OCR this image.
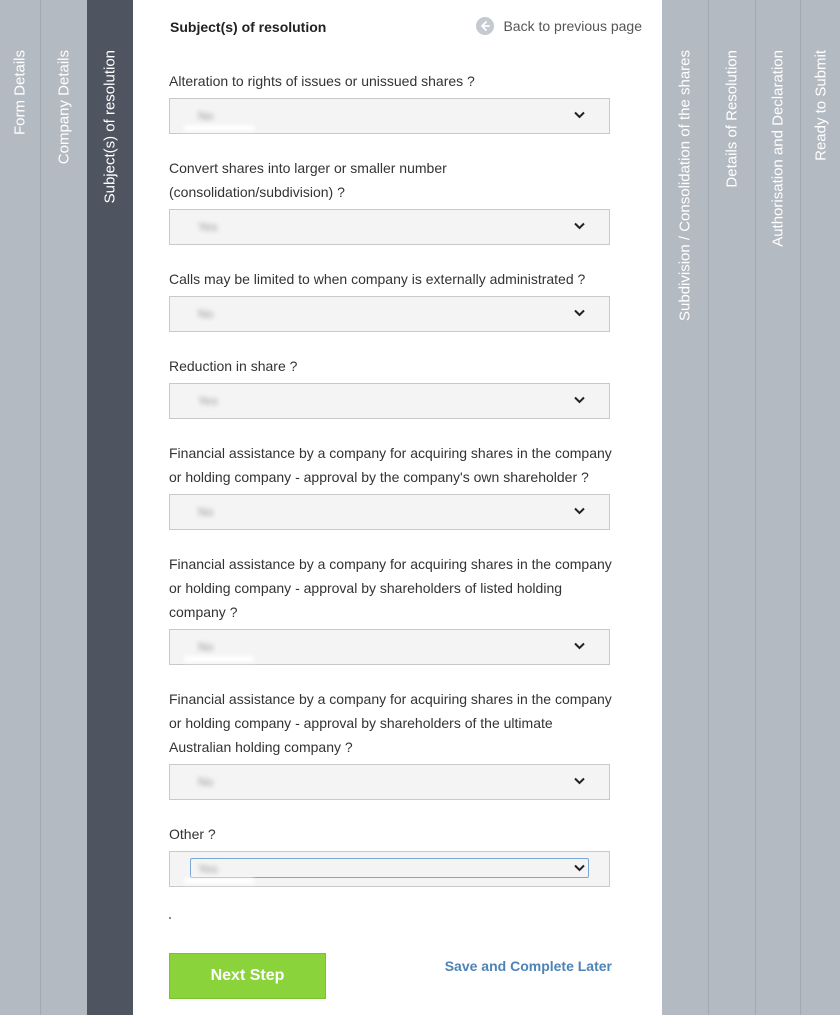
Form Details Company Details Subject(s) of resolution	Subdivision / Consolidation of the shares Details of Resolution Authorisation and Declaration Ready to Submit
Subject(s) of resolution	Back to previous page
Alteration to rights of issues or unissued shares ?
No
Convert shares into larger or smaller number
(consolidation/subdivision) ?
Yes
Calls may be limited to when company is externally administrated ?
No
Reduction in share ?
Yes
Financial assistance by a company for acquiring shares in the company
or holding company - approval by the company's own shareholder ?
No
Financial assistance by a company for acquiring shares in the company
or holding company - approval by shareholders of listed holding
company ?
No
Financial assistance by a company for acquiring shares in the company
or holding company - approval by shareholders of the ultimate
Australian holding company ?
No
Other ?
Yes
Next Step
Save and Complete Later
